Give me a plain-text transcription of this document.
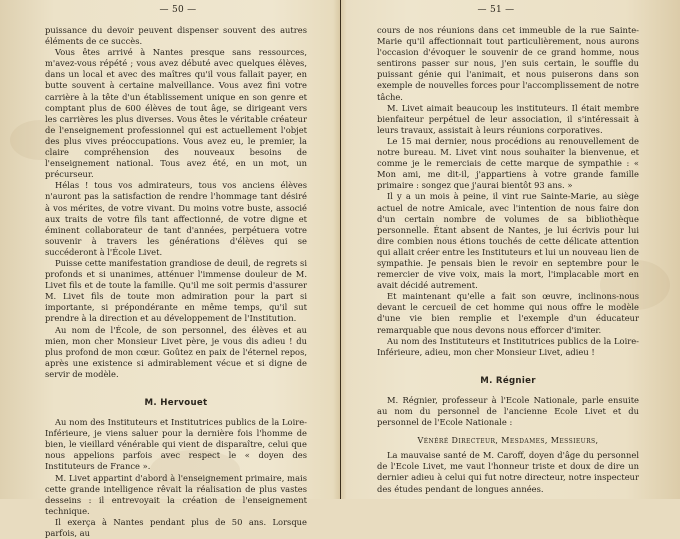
— 50 —

puissance du devoir peuvent dispenser souvent des autres éléments de ce succès.

Vous êtes arrivé à Nantes presque sans ressources, m'avez-vous répété ; vous avez débuté avec quelques élèves, dans un local et avec des maîtres qu'il vous fallait payer, en butte souvent à certaine malveillance. Vous avez fini votre carrière à la tête d'un établissement unique en son genre et comptant plus de 600 élèves de tout âge, se dirigeant vers les carrières les plus diverses. Vous êtes le véritable créateur de l'enseignement professionnel qui est actuellement l'objet des plus vives préoccupations. Vous avez eu, le premier, la claire compréhension des nouveaux besoins de l'enseignement national. Tous avez été, en un mot, un précurseur.

Hélas ! tous vos admirateurs, tous vos anciens élèves n'auront pas la satisfaction de rendre l'hommage tant désiré à vos mérites, de votre vivant. Du moins votre buste, associé aux traits de votre fils tant affectionné, de votre digne et éminent collaborateur de tant d'années, perpétuera votre souvenir à travers les générations d'élèves qui se succéderont à l'École Livet.

Puisse cette manifestation grandiose de deuil, de regrets si profonds et si unanimes, atténuer l'immense douleur de M. Livet fils et de toute la famille. Qu'il me soit permis d'assurer M. Livet fils de toute mon admiration pour la part si importante, si prépondérante en même temps, qu'il sut prendre à la direction et au développement de l'Institution.

Au nom de l'École, de son personnel, des élèves et au mien, mon cher Monsieur Livet père, je vous dis adieu ! du plus profond de mon cœur. Goûtez en paix de l'éternel repos, après une existence si admirablement vécue et si digne de servir de modèle.

M. Hervouet

Au nom des Instituteurs et Institutrices publics de la Loire-Inférieure, je viens saluer pour la dernière fois l'homme de bien, le vieillard vénérable qui vient de disparaître, celui que nous appelions parfois avec respect le « doyen des Instituteurs de France ».

M. Livet appartint d'abord à l'enseignement primaire, mais cette grande intelligence rêvait la réalisation de plus vastes desseins : il entrevoyait la création de l'enseignement technique.

Il exerça à Nantes pendant plus de 50 ans. Lorsque parfois, au

— 51 —

cours de nos réunions dans cet immeuble de la rue Sainte-Marie qu'il affectionnait tout particulièrement, nous aurons l'occasion d'évoquer le souvenir de ce grand homme, nous sentirons passer sur nous, j'en suis certain, le souffle du puissant génie qui l'animait, et nous puiserons dans son exemple de nouvelles forces pour l'accomplissement de notre tâche.

M. Livet aimait beaucoup les instituteurs. Il était membre bienfaiteur perpétuel de leur association, il s'intéressait à leurs travaux, assistait à leurs réunions corporatives.

Le 15 mai dernier, nous procédions au renouvellement de notre bureau. M. Livet vint nous souhaiter la bienvenue, et comme je le remerciais de cette marque de sympathie : « Mon ami, me dit-il, j'appartiens à votre grande famille primaire : songez que j'aurai bientôt 93 ans. »

Il y a un mois à peine, il vint rue Sainte-Marie, au siège actuel de notre Amicale, avec l'intention de nous faire don d'un certain nombre de volumes de sa bibliothèque personnelle. Étant absent de Nantes, je lui écrivis pour lui dire combien nous étions touchés de cette délicate attention qui allait créer entre les Instituteurs et lui un nouveau lien de sympathie. Je pensais bien le revoir en septembre pour le remercier de vive voix, mais la mort, l'implacable mort en avait décidé autrement.

Et maintenant qu'elle a fait son œuvre, inclinons-nous devant le cercueil de cet homme qui nous offre le modèle d'une vie bien remplie et l'exemple d'un éducateur remarquable que nous devons nous efforcer d'imiter.

Au nom des Instituteurs et Institutrices publics de la Loire-Inférieure, adieu, mon cher Monsieur Livet, adieu !

M. Régnier

M. Régnier, professeur à l'Ecole Nationale, parle ensuite au nom du personnel de l'ancienne Ecole Livet et du personnel de l'Ecole Nationale :

Vénéré Directeur, Mesdames, Messieurs,

La mauvaise santé de M. Caroff, doyen d'âge du personnel de l'Ecole Livet, me vaut l'honneur triste et doux de dire un dernier adieu à celui qui fut notre directeur, notre inspecteur des études pendant de longues années.
